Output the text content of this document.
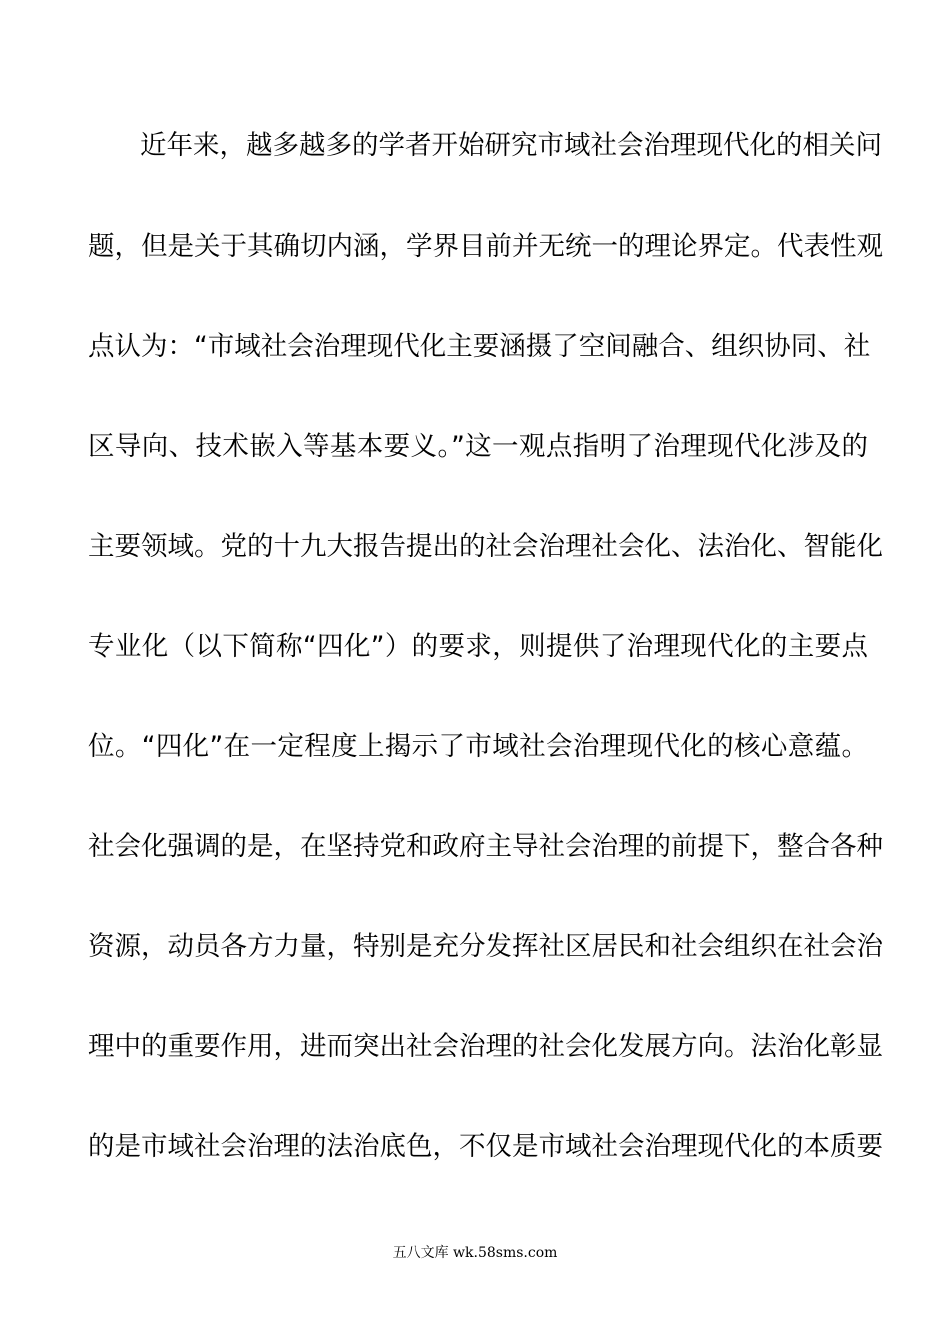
近年来，越多越多的学者开始研究市域社会治理现代化的相关问
题，但是关于其确切内涵，学界目前并无统一的理论界定。代表性观
点认为：“市域社会治理现代化主要涵摄了空间融合、组织协同、社
区导向、技术嵌入等基本要义。”这一观点指明了治理现代化涉及的
主要领域。党的十九大报告提出的社会治理社会化、法治化、智能化
专业化（以下简称“四化”）的要求，则提供了治理现代化的主要点
位。“四化”在一定程度上揭示了市域社会治理现代化的核心意蕴。
社会化强调的是，在坚持党和政府主导社会治理的前提下，整合各种
资源，动员各方力量，特别是充分发挥社区居民和社会组织在社会治
理中的重要作用，进而突出社会治理的社会化发展方向。法治化彰显
的是市域社会治理的法治底色，不仅是市域社会治理现代化的本质要
五八文库 wk.58sms.com
